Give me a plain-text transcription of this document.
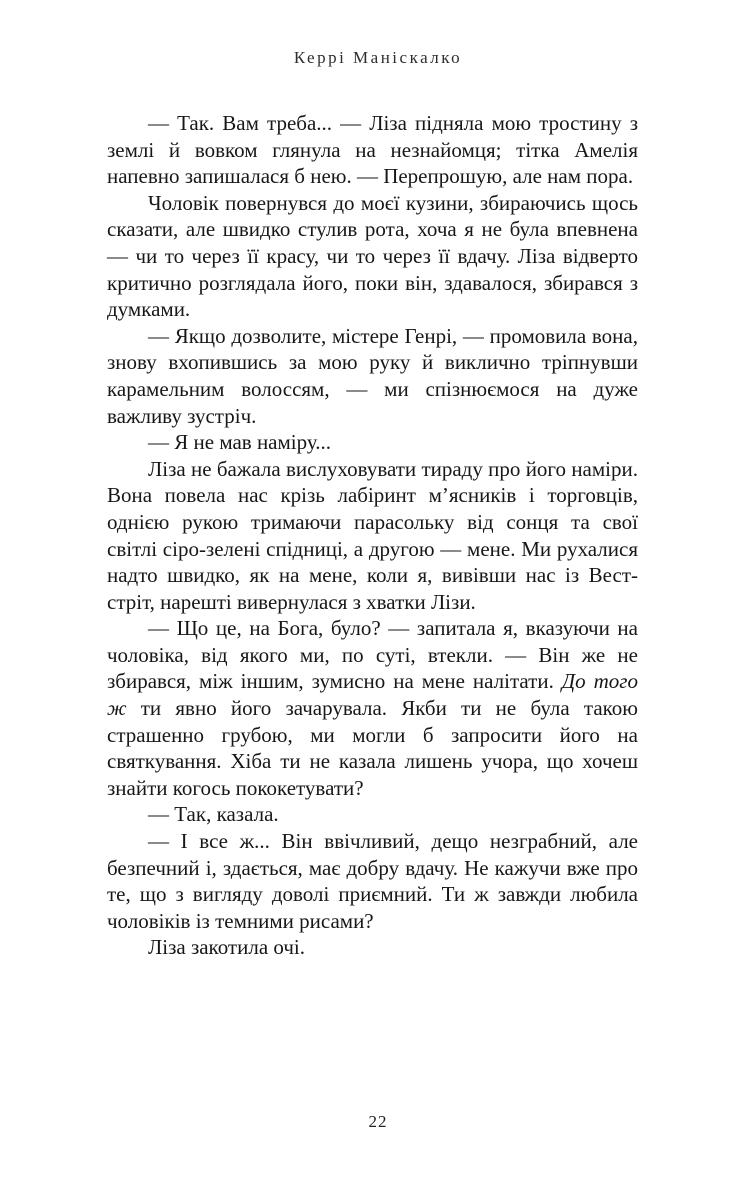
Керрі Маніскалко

— Так. Вам треба... — Ліза підняла мою тростину з землі й вовком глянула на незнайомця; тітка Амелія напевно запишалася б нею. — Перепрошую, але нам пора.

Чоловік повернувся до моєї кузини, збираючись щось сказати, але швидко стулив рота, хоча я не була впевнена — чи то через її красу, чи то через її вдачу. Ліза відверто критично розглядала його, поки він, здавалося, збирався з думками.

— Якщо дозволите, містере Генрі, — промовила вона, знову вхопившись за мою руку й виклично тріпнувши карамельним волоссям, — ми спізнюємося на дуже важливу зустріч.

— Я не мав наміру...

Ліза не бажала вислуховувати тираду про його наміри. Вона повела нас крізь лабіринт м’ясників і торговців, однією рукою тримаючи парасольку від сонця та свої світлі сіро-зелені спідниці, а другою — мене. Ми рухалися надто швидко, як на мене, коли я, вивівши нас із Вест-стріт, нарешті вивернулася з хватки Лізи.

— Що це, на Бога, було? — запитала я, вказуючи на чоловіка, від якого ми, по суті, втекли. — Він же не збирався, між іншим, зумисно на мене налітати. До того ж ти явно його зачарувала. Якби ти не була такою страшенно грубою, ми могли б запросити його на святкування. Хіба ти не казала лишень учора, що хочеш знайти когось пококетувати?

— Так, казала.

— І все ж... Він ввічливий, дещо незграбний, але безпечний і, здається, має добру вдачу. Не кажучи вже про те, що з вигляду доволі приємний. Ти ж завжди любила чоловіків із темними рисами?

Ліза закотила очі.

22
